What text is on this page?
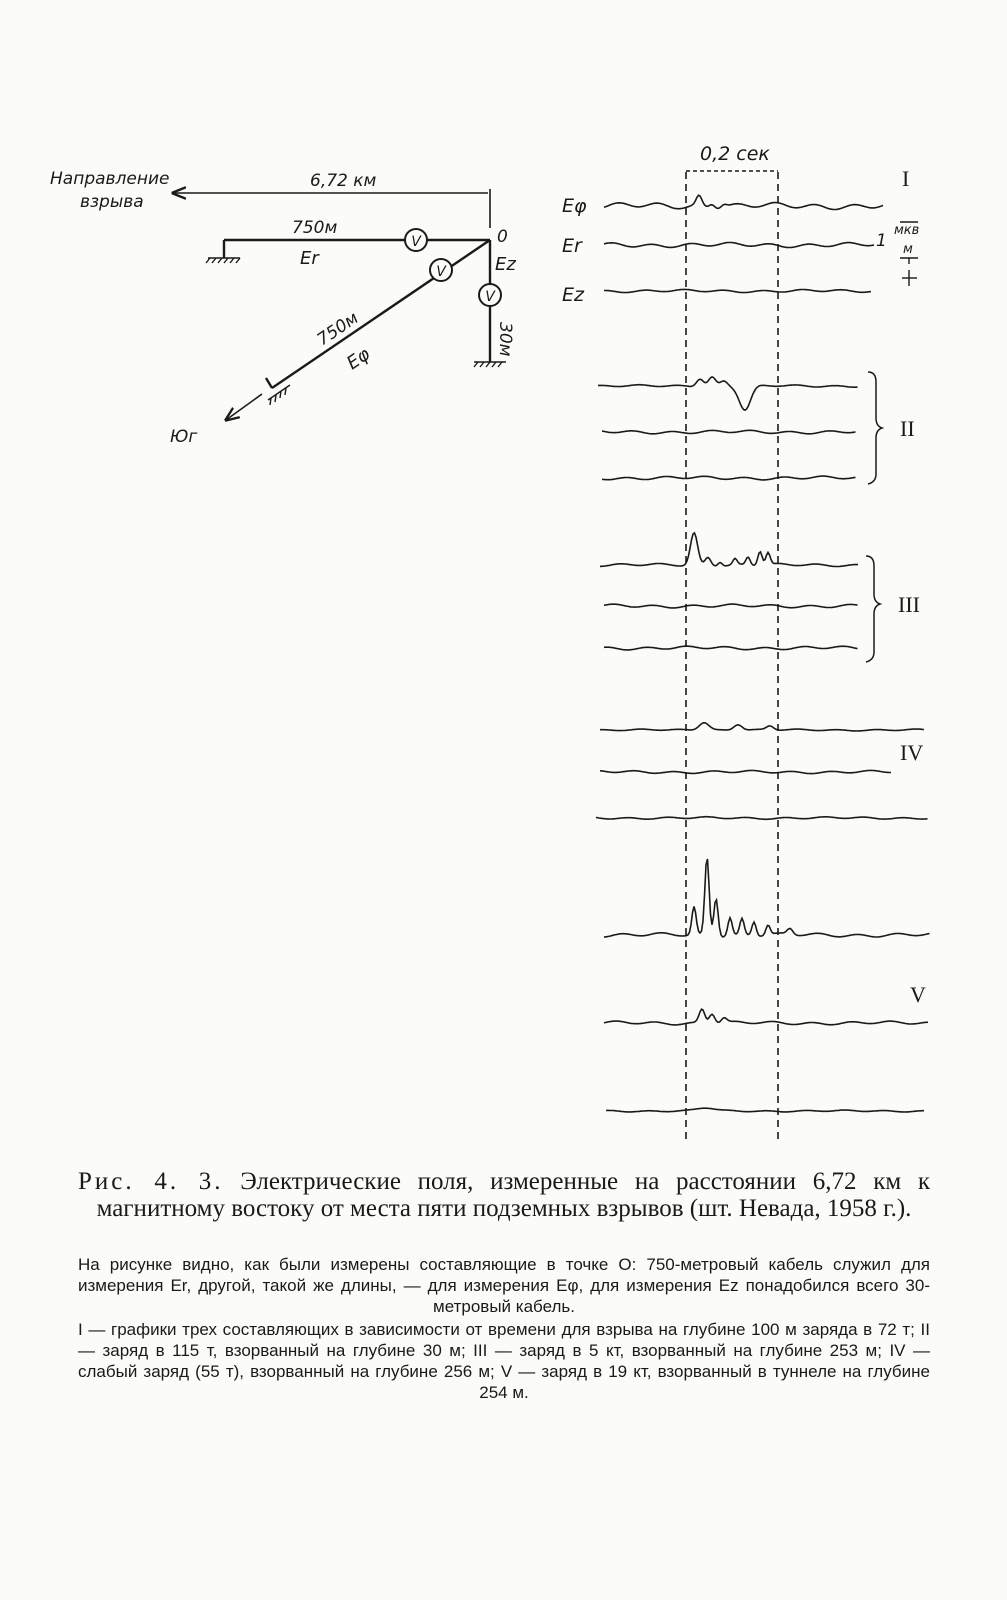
Направление
взрыва
6,72 км
750м
Er
0
Ez
750м
Eφ
30м
Юг
V
V
V
0,2 сек
Eφ
Er
Ez
1
мкв
м
I
II
III
IV
V
Рис. 4. 3. Электрические поля, измеренные на расстоянии 6,72 км к магнитному востоку от места пяти подземных взрывов (шт. Невада, 1958 г.).

На рисунке видно, как были измерены составляющие в точке О: 750-метровый кабель служил для измерения Er, другой, такой же длины, — для измерения Eφ, для измерения Ez понадобился всего 30-метровый кабель.

I — графики трех составляющих в зависимости от времени для взрыва на глубине 100 м заряда в 72 т; II — заряд в 115 т, взорванный на глубине 30 м; III — заряд в 5 кт, взорванный на глубине 253 м; IV — слабый заряд (55 т), взорванный на глубине 256 м; V — заряд в 19 кт, взорванный в туннеле на глубине 254 м.
